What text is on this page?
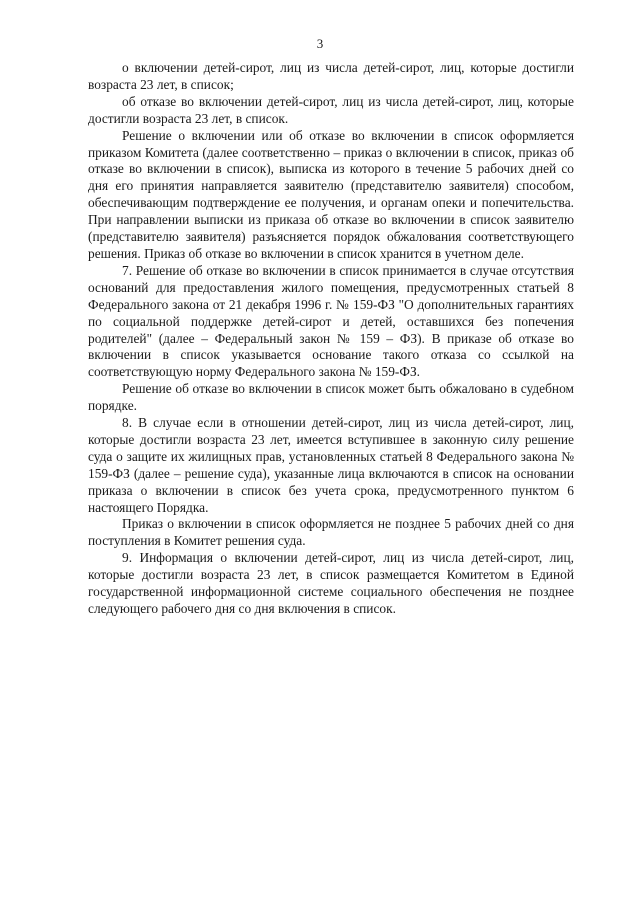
3

о включении детей-сирот, лиц из числа детей-сирот, лиц, которые достигли возраста 23 лет, в список;

об отказе во включении детей-сирот, лиц из числа детей-сирот, лиц, которые достигли возраста 23 лет, в список.

Решение о включении или об отказе во включении в список оформляется приказом Комитета (далее соответственно – приказ о включении в список, приказ об отказе во включении в список), выписка из которого в течение 5 рабочих дней со дня его принятия направляется заявителю (представителю заявителя) способом, обеспечивающим подтверждение ее получения, и органам опеки и попечительства. При направлении выписки из приказа об отказе во включении в список заявителю (представителю заявителя) разъясняется порядок обжалования соответствующего решения. Приказ об отказе во включении в список хранится в учетном деле.

7. Решение об отказе во включении в список принимается в случае отсутствия оснований для предоставления жилого помещения, предусмотренных статьей 8 Федерального закона от 21 декабря 1996 г. № 159-ФЗ "О дополнительных гарантиях по социальной поддержке детей-сирот и детей, оставшихся без попечения родителей" (далее – Федеральный закон № 159 – ФЗ). В приказе об отказе во включении в список указывается основание такого отказа со ссылкой на соответствующую норму Федерального закона № 159-ФЗ.

Решение об отказе во включении в список может быть обжаловано в судебном порядке.

8. В случае если в отношении детей-сирот, лиц из числа детей-сирот, лиц, которые достигли возраста 23 лет, имеется вступившее в законную силу решение суда о защите их жилищных прав, установленных статьей 8 Федерального закона № 159-ФЗ (далее – решение суда), указанные лица включаются в список на основании приказа о включении в список без учета срока, предусмотренного пунктом 6 настоящего Порядка.

Приказ о включении в список оформляется не позднее 5 рабочих дней со дня поступления в Комитет решения суда.

9. Информация о включении детей-сирот, лиц из числа детей-сирот, лиц, которые достигли возраста 23 лет, в список размещается Комитетом в Единой государственной информационной системе социального обеспечения не позднее следующего рабочего дня со дня включения в список.
